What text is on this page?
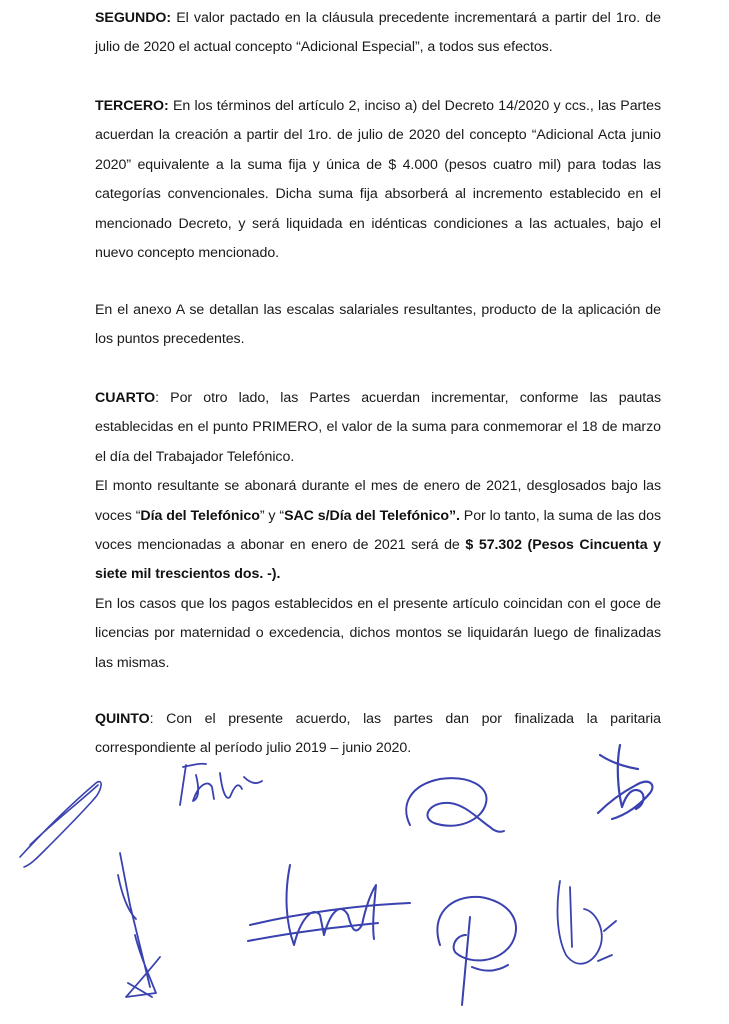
SEGUNDO: El valor pactado en la cláusula precedente incrementará a partir del 1ro. de julio de 2020 el actual concepto “Adicional Especial”, a todos sus efectos.

TERCERO: En los términos del artículo 2, inciso a) del Decreto 14/2020 y ccs., las Partes acuerdan la creación a partir del 1ro. de julio de 2020 del concepto “Adicional Acta junio 2020” equivalente a la suma fija y única de $ 4.000 (pesos cuatro mil) para todas las categorías convencionales. Dicha suma fija absorberá al incremento establecido en el mencionado Decreto, y será liquidada en idénticas condiciones a las actuales, bajo el nuevo concepto mencionado.

En el anexo A se detallan las escalas salariales resultantes, producto de la aplicación de los puntos precedentes.

CUARTO: Por otro lado, las Partes acuerdan incrementar, conforme las pautas establecidas en el punto PRIMERO, el valor de la suma para conmemorar el 18 de marzo el día del Trabajador Telefónico.

El monto resultante se abonará durante el mes de enero de 2021, desglosados bajo las voces “Día del Telefónico” y “SAC s/Día del Telefónico”. Por lo tanto, la suma de las dos voces mencionadas a abonar en enero de 2021 será de $ 57.302 (Pesos Cincuenta y siete mil trescientos dos. -).

En los casos que los pagos establecidos en el presente artículo coincidan con el goce de licencias por maternidad o excedencia, dichos montos se liquidarán luego de finalizadas las mismas.

QUINTO: Con el presente acuerdo, las partes dan por finalizada la paritaria correspondiente al período julio 2019 – junio 2020.
